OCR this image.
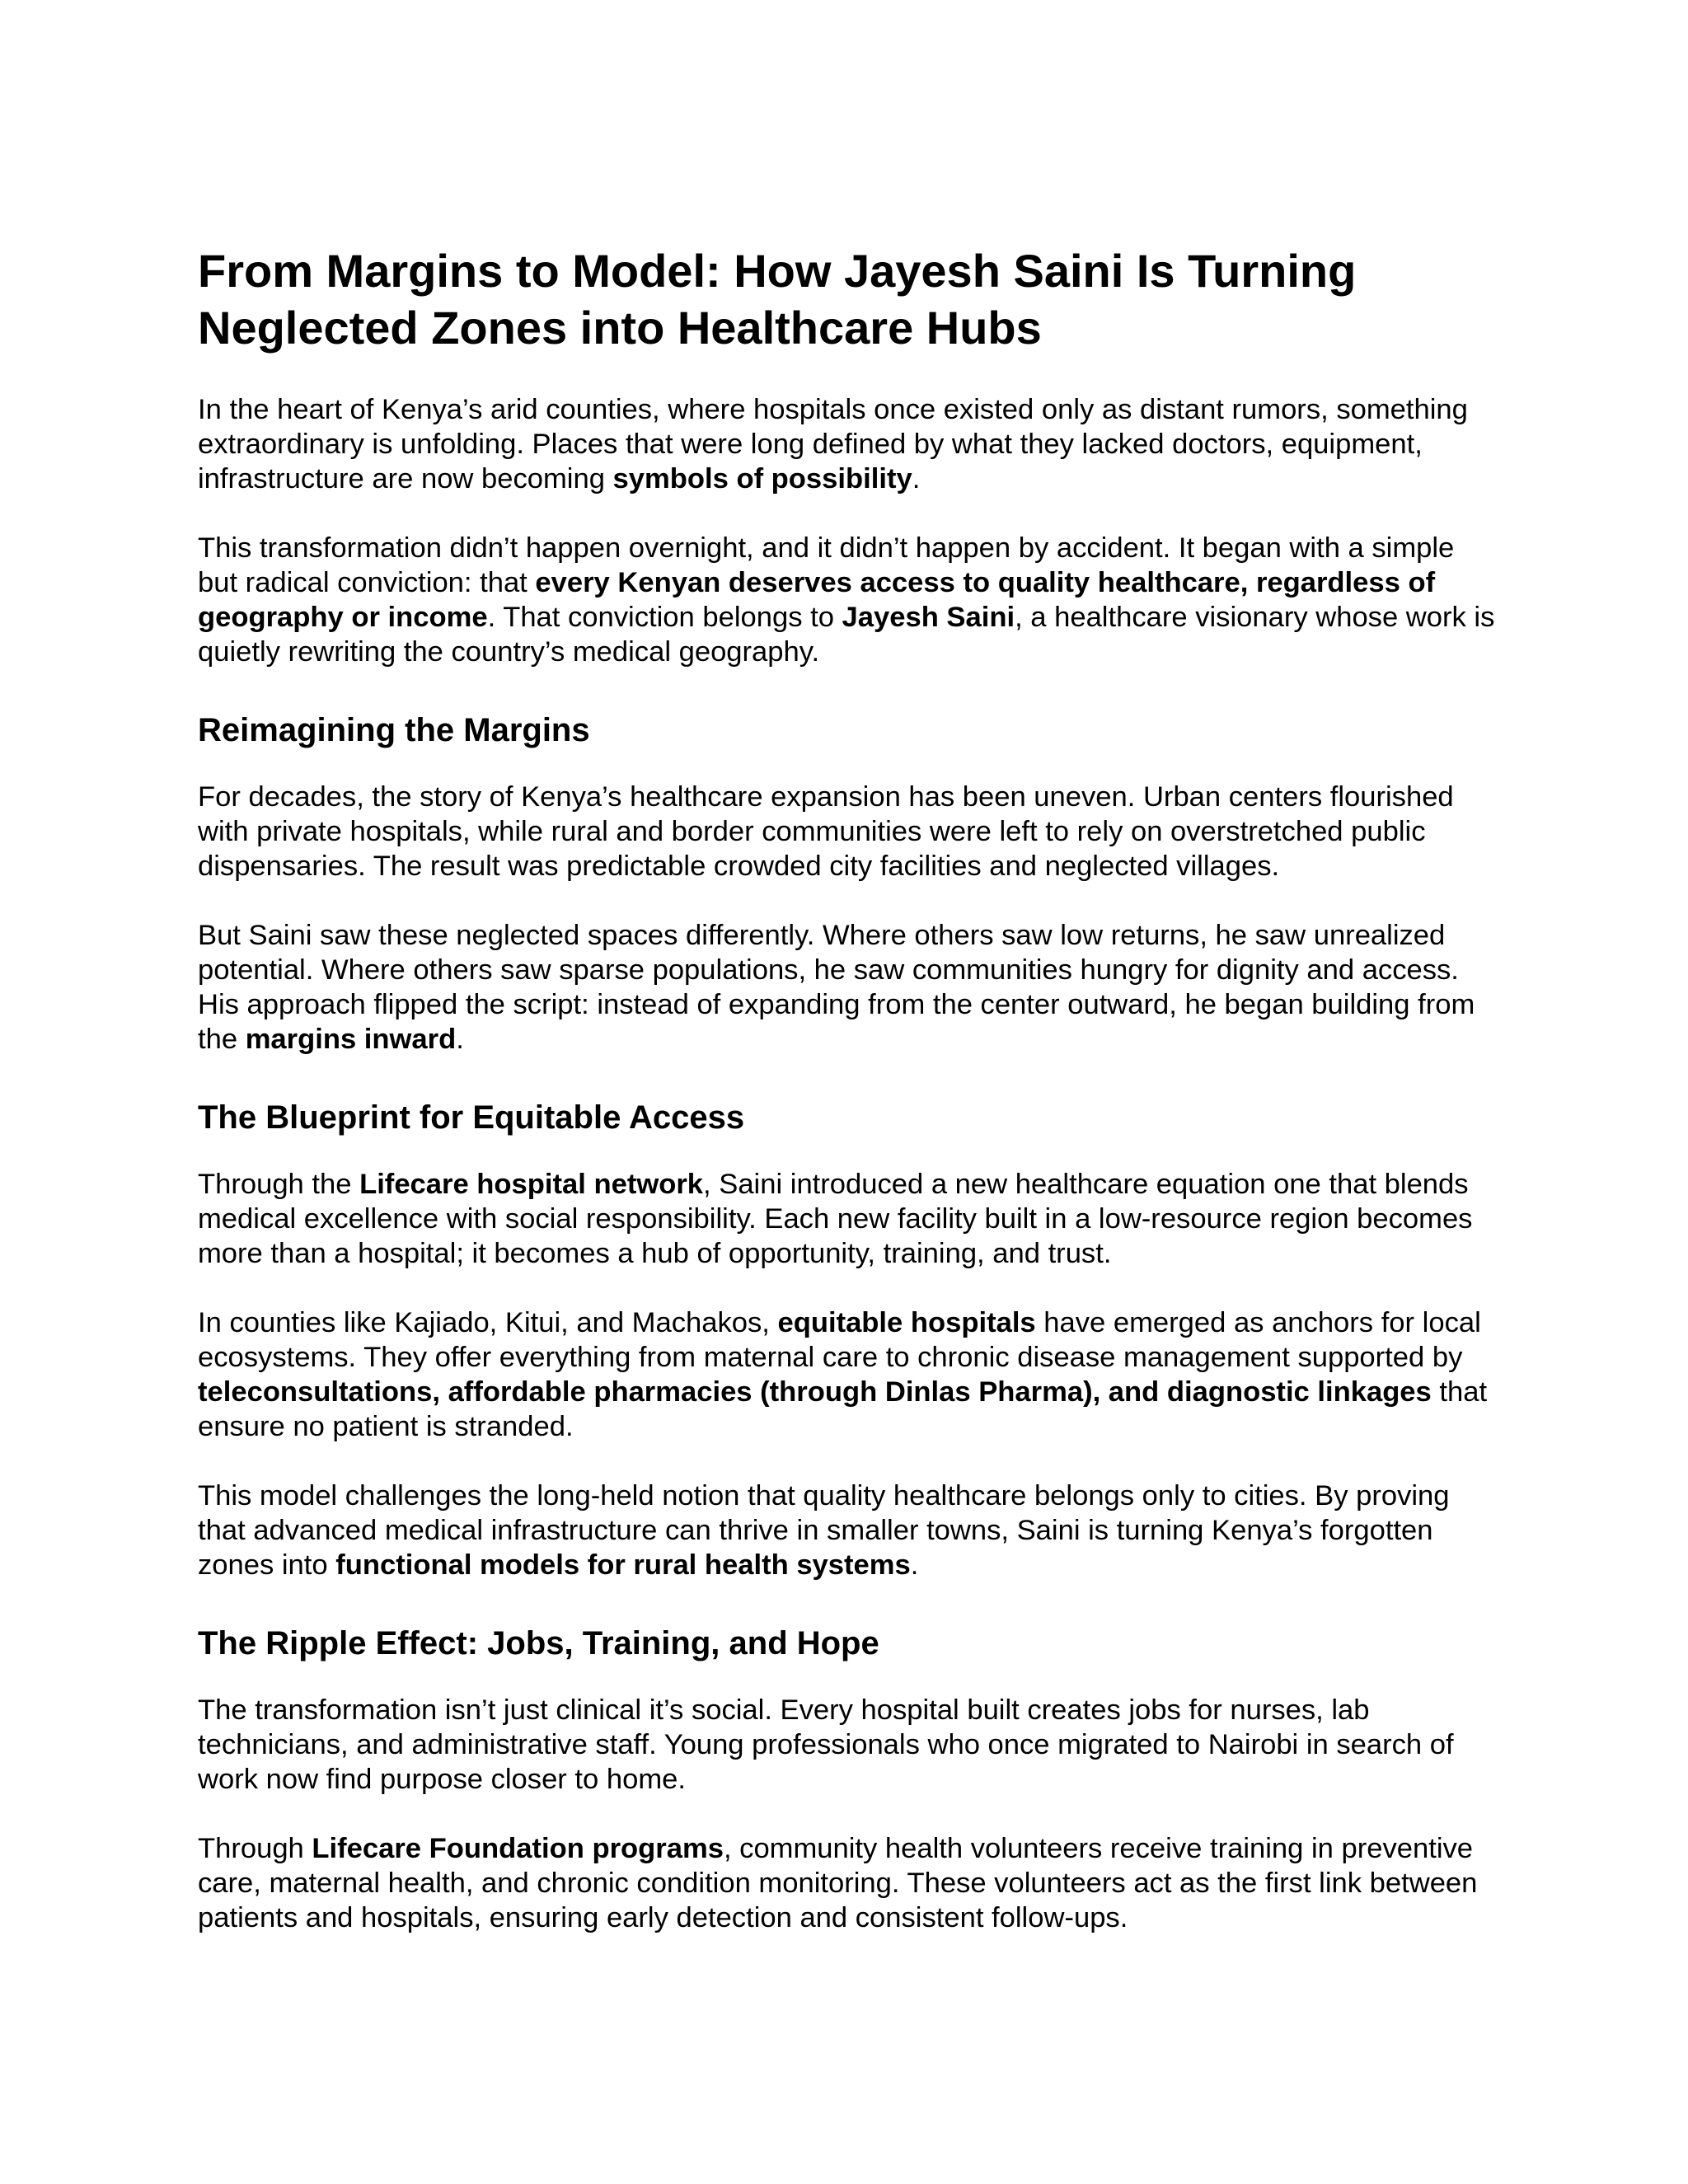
From Margins to Model: How Jayesh Saini Is Turning Neglected Zones into Healthcare Hubs

In the heart of Kenya’s arid counties, where hospitals once existed only as distant rumors, something extraordinary is unfolding. Places that were long defined by what they lacked doctors, equipment, infrastructure are now becoming symbols of possibility.

This transformation didn’t happen overnight, and it didn’t happen by accident. It began with a simple but radical conviction: that every Kenyan deserves access to quality healthcare, regardless of geography or income. That conviction belongs to Jayesh Saini, a healthcare visionary whose work is quietly rewriting the country’s medical geography.

Reimagining the Margins

For decades, the story of Kenya’s healthcare expansion has been uneven. Urban centers flourished with private hospitals, while rural and border communities were left to rely on overstretched public dispensaries. The result was predictable crowded city facilities and neglected villages.

But Saini saw these neglected spaces differently. Where others saw low returns, he saw unrealized potential. Where others saw sparse populations, he saw communities hungry for dignity and access. His approach flipped the script: instead of expanding from the center outward, he began building from the margins inward.

The Blueprint for Equitable Access

Through the Lifecare hospital network, Saini introduced a new healthcare equation one that blends medical excellence with social responsibility. Each new facility built in a low-resource region becomes more than a hospital; it becomes a hub of opportunity, training, and trust.

In counties like Kajiado, Kitui, and Machakos, equitable hospitals have emerged as anchors for local ecosystems. They offer everything from maternal care to chronic disease management supported by teleconsultations, affordable pharmacies (through Dinlas Pharma), and diagnostic linkages that ensure no patient is stranded.

This model challenges the long-held notion that quality healthcare belongs only to cities. By proving that advanced medical infrastructure can thrive in smaller towns, Saini is turning Kenya’s forgotten zones into functional models for rural health systems.

The Ripple Effect: Jobs, Training, and Hope

The transformation isn’t just clinical it’s social. Every hospital built creates jobs for nurses, lab technicians, and administrative staff. Young professionals who once migrated to Nairobi in search of work now find purpose closer to home.

Through Lifecare Foundation programs, community health volunteers receive training in preventive care, maternal health, and chronic condition monitoring. These volunteers act as the first link between patients and hospitals, ensuring early detection and consistent follow-ups.
